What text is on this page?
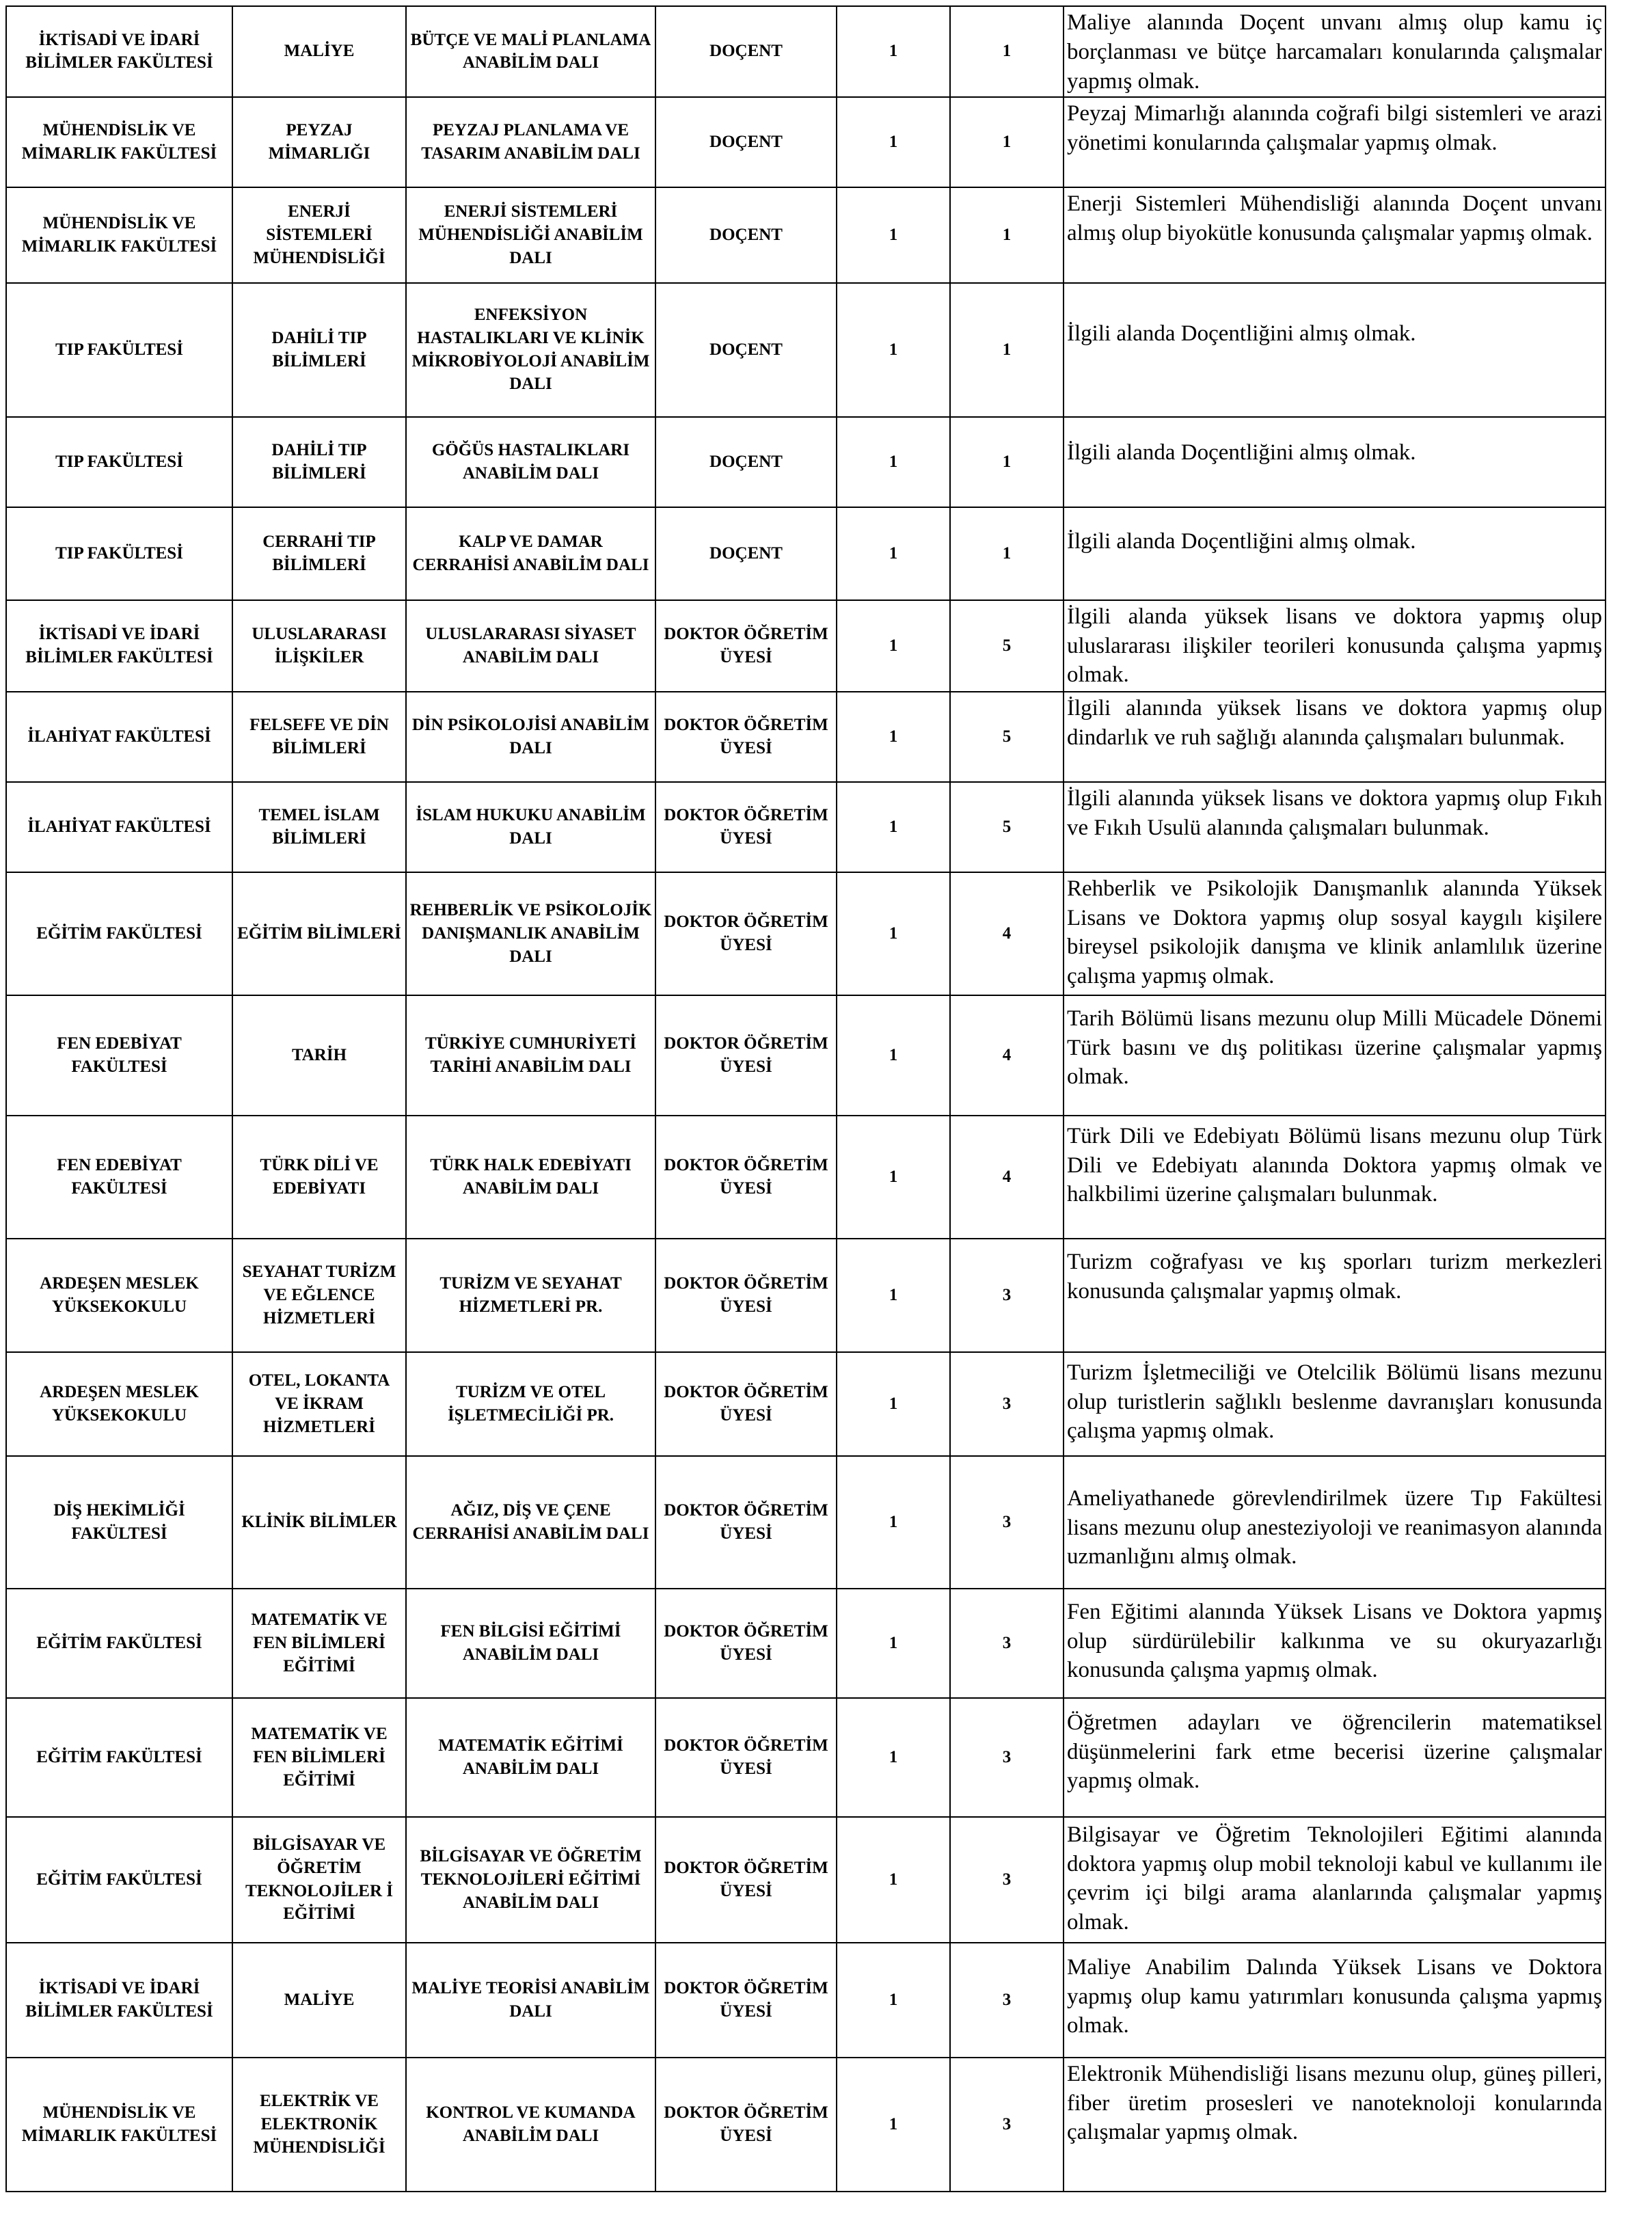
İKTİSADİ VE İDARİ BİLİMLER FAKÜLTESİ	MALİYE	BÜTÇE VE MALİ PLANLAMA ANABİLİM DALI	DOÇENT	1	1	Maliye alanında Doçent unvanı almış olup kamu iç borçlanması ve bütçe harcamaları konularında çalışmalar yapmış olmak.
MÜHENDİSLİK VE MİMARLIK FAKÜLTESİ	PEYZAJ MİMARLIĞI	PEYZAJ PLANLAMA VE TASARIM ANABİLİM DALI	DOÇENT	1	1	Peyzaj Mimarlığı alanında coğrafi bilgi sistemleri ve arazi yönetimi konularında çalışmalar yapmış olmak.
MÜHENDİSLİK VE MİMARLIK FAKÜLTESİ	ENERJİ SİSTEMLERİ MÜHENDİSLİĞİ	ENERJİ SİSTEMLERİ MÜHENDİSLİĞİ ANABİLİM DALI	DOÇENT	1	1	Enerji Sistemleri Mühendisliği alanında Doçent unvanı almış olup biyokütle konusunda çalışmalar yapmış olmak.
TIP FAKÜLTESİ	DAHİLİ TIP BİLİMLERİ	ENFEKSİYON HASTALIKLARI VE KLİNİK MİKROBİYOLOJİ ANABİLİM DALI	DOÇENT	1	1	İlgili alanda Doçentliğini almış olmak.
TIP FAKÜLTESİ	DAHİLİ TIP BİLİMLERİ	GÖĞÜS HASTALIKLARI ANABİLİM DALI	DOÇENT	1	1	İlgili alanda Doçentliğini almış olmak.
TIP FAKÜLTESİ	CERRAHİ TIP BİLİMLERİ	KALP VE DAMAR CERRAHİSİ ANABİLİM DALI	DOÇENT	1	1	İlgili alanda Doçentliğini almış olmak.
İKTİSADİ VE İDARİ BİLİMLER FAKÜLTESİ	ULUSLARARASI İLİŞKİLER	ULUSLARARASI SİYASET ANABİLİM DALI	DOKTOR ÖĞRETİM ÜYESİ	1	5	İlgili alanda yüksek lisans ve doktora yapmış olup uluslararası ilişkiler teorileri konusunda çalışma yapmış olmak.
İLAHİYAT FAKÜLTESİ	FELSEFE VE DİN BİLİMLERİ	DİN PSİKOLOJİSİ ANABİLİM DALI	DOKTOR ÖĞRETİM ÜYESİ	1	5	İlgili alanında yüksek lisans ve doktora yapmış olup dindarlık ve ruh sağlığı alanında çalışmaları bulunmak.
İLAHİYAT FAKÜLTESİ	TEMEL İSLAM BİLİMLERİ	İSLAM HUKUKU ANABİLİM DALI	DOKTOR ÖĞRETİM ÜYESİ	1	5	İlgili alanında yüksek lisans ve doktora yapmış olup Fıkıh ve Fıkıh Usulü alanında çalışmaları bulunmak.
EĞİTİM FAKÜLTESİ	EĞİTİM BİLİMLERİ	REHBERLİK VE PSİKOLOJİK DANIŞMANLIK ANABİLİM DALI	DOKTOR ÖĞRETİM ÜYESİ	1	4	Rehberlik ve Psikolojik Danışmanlık alanında Yüksek Lisans ve Doktora yapmış olup sosyal kaygılı kişilere bireysel psikolojik danışma ve klinik anlamlılık üzerine çalışma yapmış olmak.
FEN EDEBİYAT FAKÜLTESİ	TARİH	TÜRKİYE CUMHURİYETİ TARİHİ ANABİLİM DALI	DOKTOR ÖĞRETİM ÜYESİ	1	4	Tarih Bölümü lisans mezunu olup Milli Mücadele Dönemi Türk basını ve dış politikası üzerine çalışmalar yapmış olmak.
FEN EDEBİYAT FAKÜLTESİ	TÜRK DİLİ VE EDEBİYATI	TÜRK HALK EDEBİYATI ANABİLİM DALI	DOKTOR ÖĞRETİM ÜYESİ	1	4	Türk Dili ve Edebiyatı Bölümü lisans mezunu olup Türk Dili ve Edebiyatı alanında Doktora yapmış olmak ve halkbilimi üzerine çalışmaları bulunmak.
ARDEŞEN MESLEK YÜKSEKOKULU	SEYAHAT TURİZM VE EĞLENCE HİZMETLERİ	TURİZM VE SEYAHAT HİZMETLERİ PR.	DOKTOR ÖĞRETİM ÜYESİ	1	3	Turizm coğrafyası ve kış sporları turizm merkezleri konusunda çalışmalar yapmış olmak.
ARDEŞEN MESLEK YÜKSEKOKULU	OTEL, LOKANTA VE İKRAM HİZMETLERİ	TURİZM VE OTEL İŞLETMECİLİĞİ PR.	DOKTOR ÖĞRETİM ÜYESİ	1	3	Turizm İşletmeciliği ve Otelcilik Bölümü lisans mezunu olup turistlerin sağlıklı beslenme davranışları konusunda çalışma yapmış olmak.
DİŞ HEKİMLİĞİ FAKÜLTESİ	KLİNİK BİLİMLER	AĞIZ, DİŞ VE ÇENE CERRAHİSİ ANABİLİM DALI	DOKTOR ÖĞRETİM ÜYESİ	1	3	Ameliyathanede görevlendirilmek üzere Tıp Fakültesi lisans mezunu olup anesteziyoloji ve reanimasyon alanında uzmanlığını almış olmak.
EĞİTİM FAKÜLTESİ	MATEMATİK VE FEN BİLİMLERİ EĞİTİMİ	FEN BİLGİSİ EĞİTİMİ ANABİLİM DALI	DOKTOR ÖĞRETİM ÜYESİ	1	3	Fen Eğitimi alanında Yüksek Lisans ve Doktora yapmış olup sürdürülebilir kalkınma ve su okuryazarlığı konusunda çalışma yapmış olmak.
EĞİTİM FAKÜLTESİ	MATEMATİK VE FEN BİLİMLERİ EĞİTİMİ	MATEMATİK EĞİTİMİ ANABİLİM DALI	DOKTOR ÖĞRETİM ÜYESİ	1	3	Öğretmen adayları ve öğrencilerin matematiksel düşünmelerini fark etme becerisi üzerine çalışmalar yapmış olmak.
EĞİTİM FAKÜLTESİ	BİLGİSAYAR VE ÖĞRETİM TEKNOLOJİLER İ EĞİTİMİ	BİLGİSAYAR VE ÖĞRETİM TEKNOLOJİLERİ EĞİTİMİ ANABİLİM DALI	DOKTOR ÖĞRETİM ÜYESİ	1	3	Bilgisayar ve Öğretim Teknolojileri Eğitimi alanında doktora yapmış olup mobil teknoloji kabul ve kullanımı ile çevrim içi bilgi arama alanlarında çalışmalar yapmış olmak.
İKTİSADİ VE İDARİ BİLİMLER FAKÜLTESİ	MALİYE	MALİYE TEORİSİ ANABİLİM DALI	DOKTOR ÖĞRETİM ÜYESİ	1	3	Maliye Anabilim Dalında Yüksek Lisans ve Doktora yapmış olup kamu yatırımları konusunda çalışma yapmış olmak.
MÜHENDİSLİK VE MİMARLIK FAKÜLTESİ	ELEKTRİK VE ELEKTRONİK MÜHENDİSLİĞİ	KONTROL VE KUMANDA ANABİLİM DALI	DOKTOR ÖĞRETİM ÜYESİ	1	3	Elektronik Mühendisliği lisans mezunu olup, güneş pilleri, fiber üretim prosesleri ve nanoteknoloji konularında çalışmalar yapmış olmak.
